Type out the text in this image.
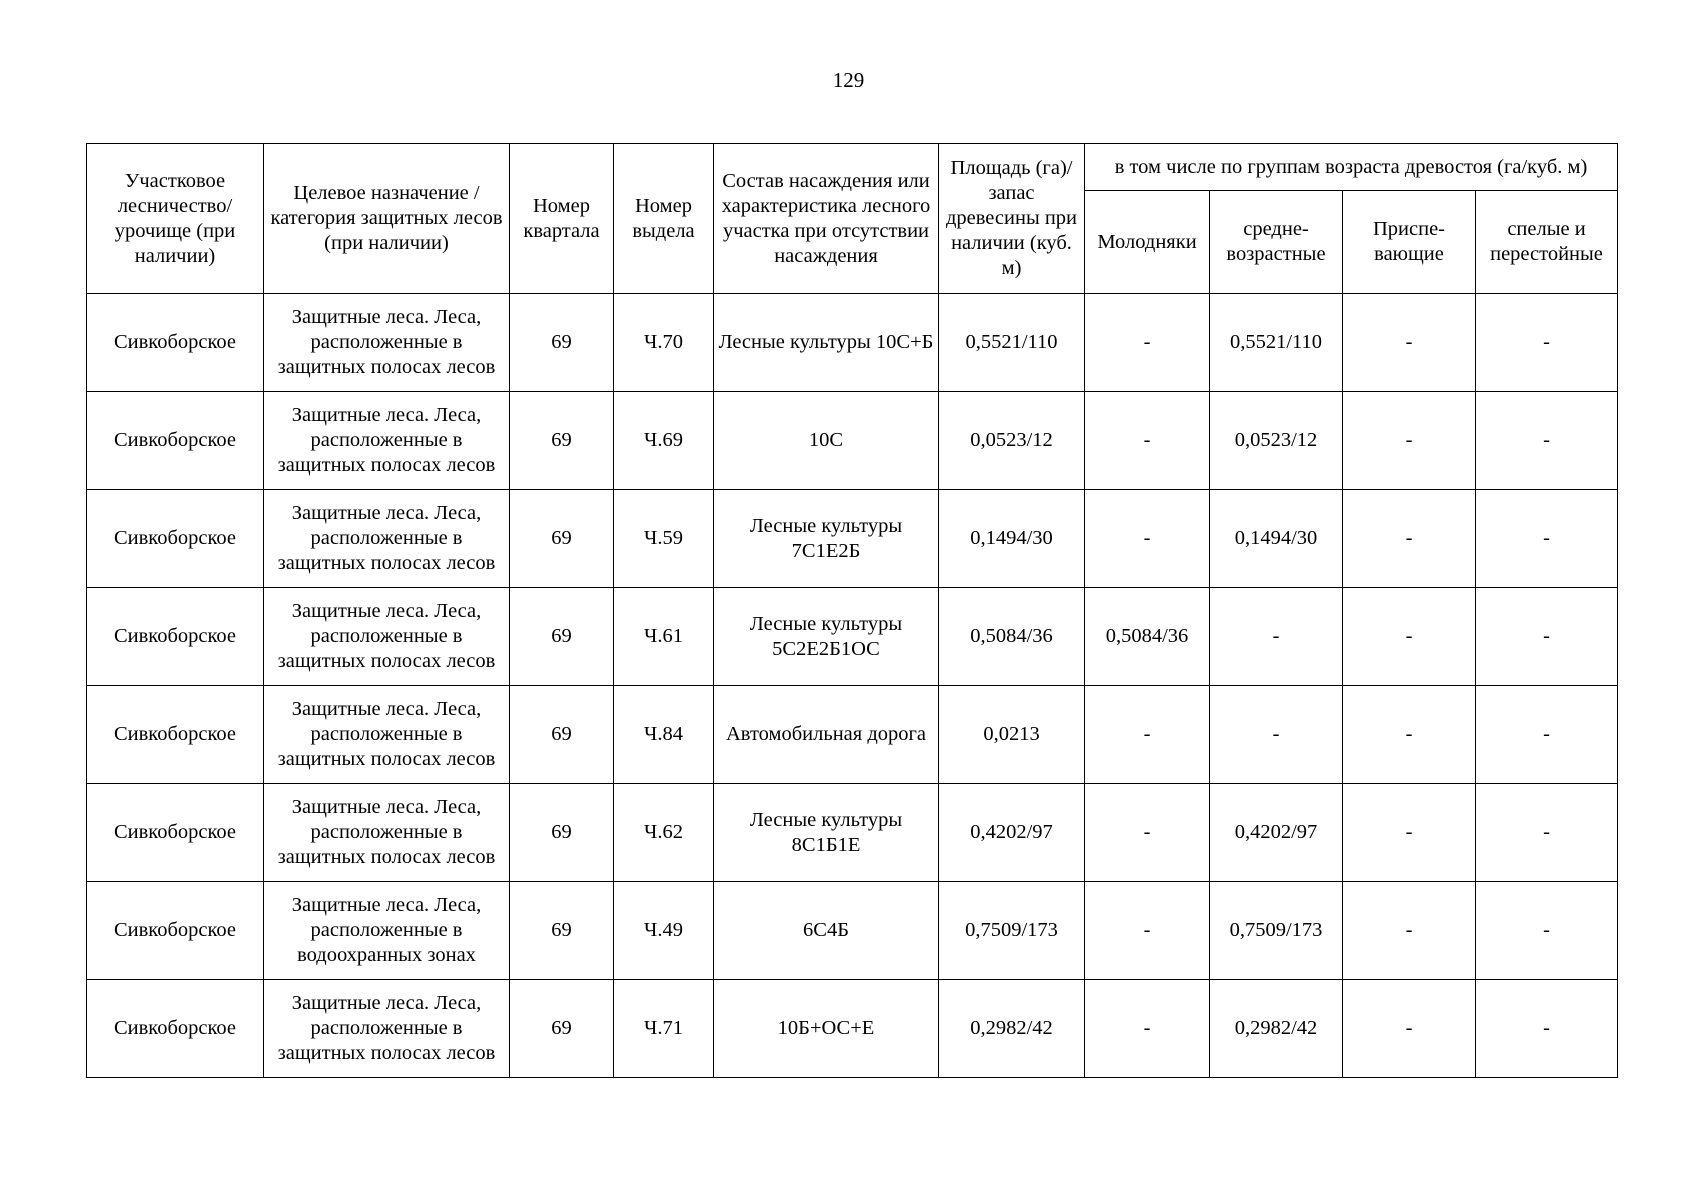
129
Участковое лесничество/ урочище (при наличии)	Целевое назначение / категория защитных лесов (при наличии)	Номер квартала	Номер выдела	Состав насаждения или характеристика лесного участка при отсутствии насаждения	Площадь (га)/ запас древесины при наличии (куб. м)	в том числе по группам возраста древостоя (га/куб. м)			
						Молодняки	средне-возрастные	Приспе-вающие	спелые и перестойные
Сивкоборское	Защитные леса. Леса, расположенные в защитных полосах лесов	69	Ч.70	Лесные культуры 10С+Б	0,5521/110	-	0,5521/110	-	-
Сивкоборское	Защитные леса. Леса, расположенные в защитных полосах лесов	69	Ч.69	10С	0,0523/12	-	0,0523/12	-	-
Сивкоборское	Защитные леса. Леса, расположенные в защитных полосах лесов	69	Ч.59	Лесные культуры 7С1Е2Б	0,1494/30	-	0,1494/30	-	-
Сивкоборское	Защитные леса. Леса, расположенные в защитных полосах лесов	69	Ч.61	Лесные культуры 5С2Е2Б1ОС	0,5084/36	0,5084/36	-	-	-
Сивкоборское	Защитные леса. Леса, расположенные в защитных полосах лесов	69	Ч.84	Автомобильная дорога	0,0213	-	-	-	-
Сивкоборское	Защитные леса. Леса, расположенные в защитных полосах лесов	69	Ч.62	Лесные культуры 8С1Б1Е	0,4202/97	-	0,4202/97	-	-
Сивкоборское	Защитные леса. Леса, расположенные в водоохранных зонах	69	Ч.49	6С4Б	0,7509/173	-	0,7509/173	-	-
Сивкоборское	Защитные леса. Леса, расположенные в защитных полосах лесов	69	Ч.71	10Б+ОС+Е	0,2982/42	-	0,2982/42	-	-
